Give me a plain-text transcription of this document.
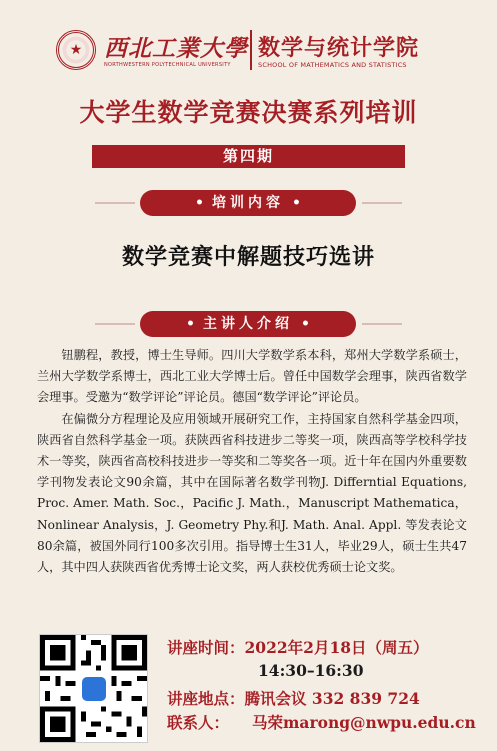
★ 西北工業大學
NORTHWESTERN POLYTECHNICAL UNIVERSITY
数学与统计学院
SCHOOL OF MATHEMATICS AND STATISTICS
大学生数学竞赛决赛系列培训
第四期
• 培训内容 •
数学竞赛中解题技巧选讲
• 主讲人介绍 •

钮鹏程，教授，博士生导师。四川大学数学系本科，郑州大学数学系硕士，兰州大学数学系博士，西北工业大学博士后。曾任中国数学会理事，陕西省数学会理事。受邀为“数学评论”评论员。德国“数学评论”评论员。

在偏微分方程理论及应用领域开展研究工作，主持国家自然科学基金四项，陕西省自然科学基金一项。获陕西省科技进步二等奖一项，陕西高等学校科学技术一等奖，陕西省高校科技进步一等奖和二等奖各一项。近十年在国内外重要数学刊物发表论文90余篇，其中在国际著名数学刊物J. Differntial Equations, Proc. Amer. Math. Soc.，Pacific J. Math.，Manuscript Mathematica，Nonlinear Analysis，J. Geometry Phy.和J. Math. Anal. Appl. 等发表论文80余篇，被国外同行100多次引用。指导博士生31人，毕业29人，硕士生共47人，其中四人获陕西省优秀博士论文奖，两人获校优秀硕士论文奖。

讲座时间：2022年2月18日（周五）
14:30–16:30
讲座地点：腾讯会议 332 839 724
联系人： 马荣marong@nwpu.edu.cn
